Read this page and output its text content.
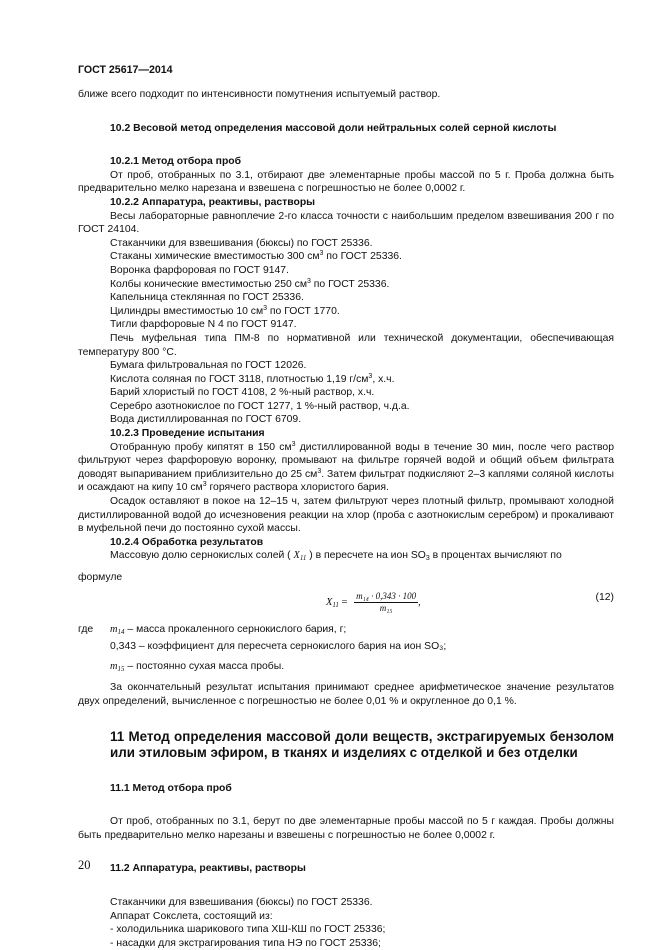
ГОСТ 25617—2014

ближе всего подходит по интенсивности помутнения испытуемый раствор.

10.2 Весовой метод определения массовой доли нейтральных солей серной кислоты

10.2.1 Метод отбора проб

От проб, отобранных по 3.1, отбирают две элементарные пробы массой по 5 г. Проба должна быть предварительно мелко нарезана и взвешена с погрешностью не более 0,0002 г.

10.2.2 Аппаратура, реактивы, растворы

Весы лабораторные равноплечие 2-го класса точности с наибольшим пределом взвешивания 200 г по ГОСТ 24104.

Стаканчики для взвешивания (бюксы) по ГОСТ 25336.

Стаканы химические вместимостью 300 $см^3$ по ГОСТ 25336.

Воронка фарфоровая по ГОСТ 9147.

Колбы конические вместимостью 250 $см^3$ по ГОСТ 25336.

Капельница стеклянная по ГОСТ 25336.

Цилиндры вместимостью 10 $см^3$ по ГОСТ 1770.

Тигли фарфоровые N 4 по ГОСТ 9147.

Печь муфельная типа ПМ-8 по нормативной или технической документации, обеспечивающая температуру 800 °С.

Бумага фильтровальная по ГОСТ 12026.

Кислота соляная по ГОСТ 3118, плотностью 1,19 $г/см^3$, х.ч.

Барий хлористый по ГОСТ 4108, 2 %-ный раствор, х.ч.

Серебро азотнокислое по ГОСТ 1277, 1 %-ный раствор, ч.д.а.

Вода дистиллированная по ГОСТ 6709.

10.2.3 Проведение испытания

Отобранную пробу кипятят в 150 $см^3$ дистиллированной воды в течение 30 мин, после чего раствор фильтруют через фарфоровую воронку, промывают на фильтре горячей водой и общий объем фильтрата доводят выпариванием приблизительно до 25 $см^3$. Затем фильтрат подкисляют 2–3 каплями соляной кислоты и осаждают на кипу 10 $см^3$ горячего раствора хлористого бария.

Осадок оставляют в покое на 12–15 ч, затем фильтруют через плотный фильтр, промывают холодной дистиллированной водой до исчезновения реакции на хлор (проба с азотнокислым серебром) и прокаливают в муфельной печи до постоянно сухой массы.

10.2.4 Обработка результатов

Массовую долю сернокислых солей ( $X_{11}$ ) в пересчете на ион $SO_3$ в процентах вычисляют по

формуле

$X_{11} = \frac{\text{m₁₄ · 0,343 · 100}}{\text{m₁₅}}$ ,	(12)
где $m_{14}$ – масса прокаленного сернокислого бария, г;
0,343 – коэффициент для пересчета сернокислого бария на ион SO₃;
$m_{15}$ – постоянно сухая масса пробы.

За окончательный результат испытания принимают среднее арифметическое значение результатов двух определений, вычисленное с погрешностью не более 0,01 % и округленное до 0,1 %.

11 Метод определения массовой доли веществ, экстрагируемых бензолом или этиловым эфиром, в тканях и изделиях с отделкой и без отделки

11.1 Метод отбора проб

От проб, отобранных по 3.1, берут по две элементарные пробы массой по 5 г каждая. Пробы должны быть предварительно мелко нарезаны и взвешены с погрешностью не более 0,0002 г.

11.2 Аппаратура, реактивы, растворы

Стаканчики для взвешивания (бюксы) по ГОСТ 25336.

Аппарат Сокслета, состоящий из:

- холодильника шарикового типа ХШ-КШ по ГОСТ 25336;

- насадки для экстрагирования типа НЭ по ГОСТ 25336;

20
